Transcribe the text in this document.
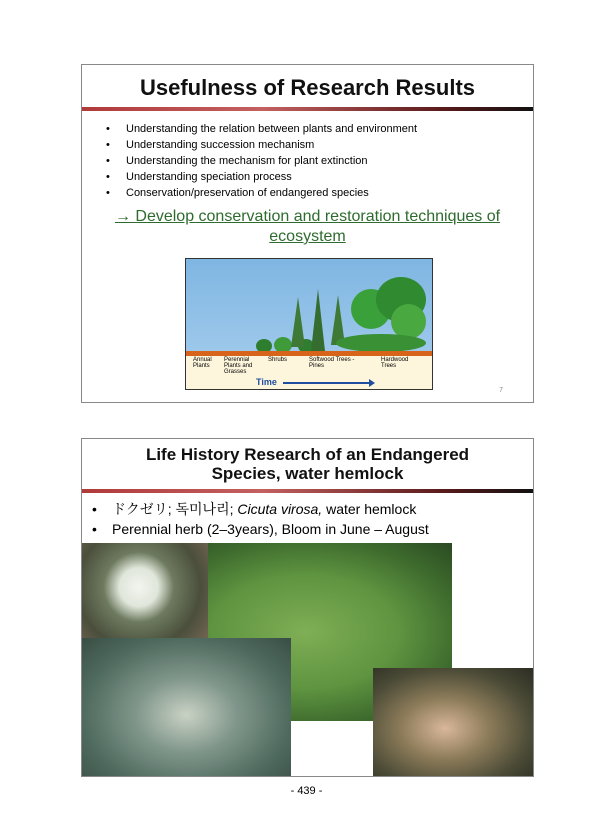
Usefulness of Research Results
• Understanding the relation between plants and environment
• Understanding succession mechanism
• Understanding the mechanism for plant extinction
• Understanding speciation process
• Conservation/preservation of endangered species
→ Develop conservation and restoration techniques of ecosystem
Annual Plants
Perennial Plants and Grasses
Shrubs	Softwood Trees - Pines
Hardwood Trees
Time
7
Life History Research of an Endangered
Species, water hemlock
• ドクゼリ; 독미나리; Cicuta virosa, water hemlock
• Perennial herb (2–3years), Bloom in June – August
- 439 -
